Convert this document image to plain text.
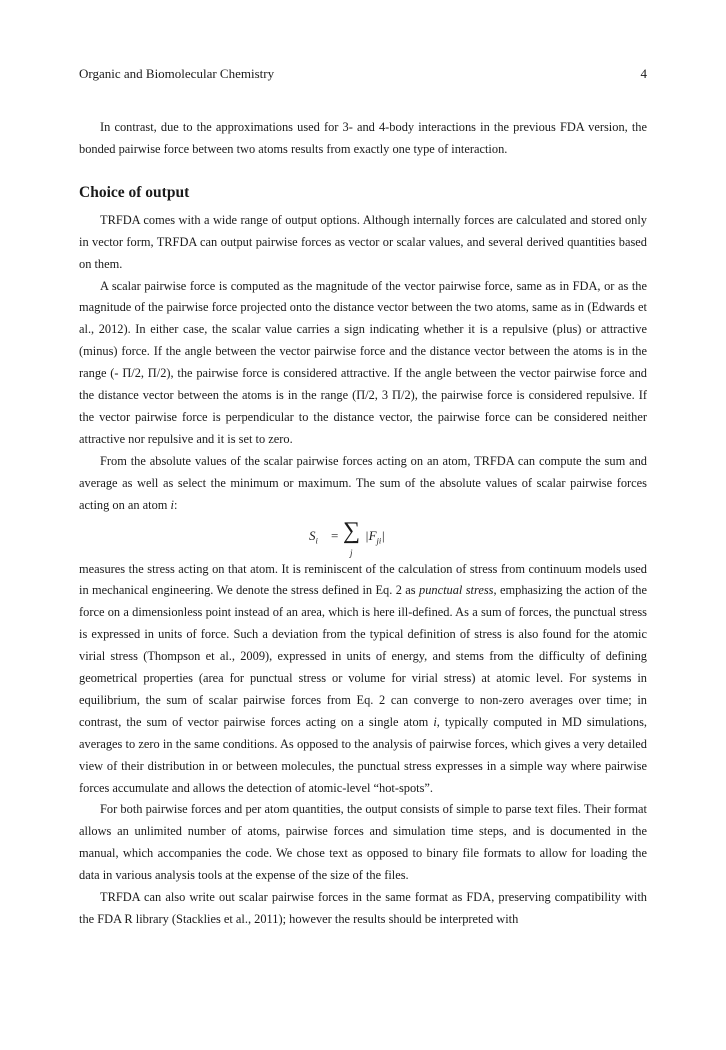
Organic and Biomolecular Chemistry	4

In contrast, due to the approximations used for 3- and 4-body interactions in the previous FDA version, the bonded pairwise force between two atoms results from exactly one type of interaction.

Choice of output

TRFDA comes with a wide range of output options. Although internally forces are calculated and stored only in vector form, TRFDA can output pairwise forces as vector or scalar values, and several derived quantities based on them.

A scalar pairwise force is computed as the magnitude of the vector pairwise force, same as in FDA, or as the magnitude of the pairwise force projected onto the distance vector between the two atoms, same as in (Edwards et al., 2012). In either case, the scalar value carries a sign indicating whether it is a repulsive (plus) or attractive (minus) force. If the angle between the vector pairwise force and the distance vector between the atoms is in the range (- Π/2, Π/2), the pairwise force is considered attractive. If the angle between the vector pairwise force and the distance vector between the atoms is in the range (Π/2, 3 Π/2), the pairwise force is considered repulsive. If the vector pairwise force is perpendicular to the distance vector, the pairwise force can be considered neither attractive nor repulsive and it is set to zero.

From the absolute values of the scalar pairwise forces acting on an atom, TRFDA can compute the sum and average as well as select the minimum or maximum. The sum of the absolute values of scalar pairwise forces acting on an atom i:

$S_i$ = ∑
j
$|F_{ji}|$

measures the stress acting on that atom. It is reminiscent of the calculation of stress from continuum models used in mechanical engineering. We denote the stress defined in Eq. 2 as punctual stress, emphasizing the action of the force on a dimensionless point instead of an area, which is here ill-defined. As a sum of forces, the punctual stress is expressed in units of force. Such a deviation from the typical definition of stress is also found for the atomic virial stress (Thompson et al., 2009), expressed in units of energy, and stems from the difficulty of defining geometrical properties (area for punctual stress or volume for virial stress) at atomic level. For systems in equilibrium, the sum of scalar pairwise forces from Eq. 2 can converge to non-zero averages over time; in contrast, the sum of vector pairwise forces acting on a single atom i, typically computed in MD simulations, averages to zero in the same conditions. As opposed to the analysis of pairwise forces, which gives a very detailed view of their distribution in or between molecules, the punctual stress expresses in a simple way where pairwise forces accumulate and allows the detection of atomic-level “hot-spots”.

For both pairwise forces and per atom quantities, the output consists of simple to parse text files. Their format allows an unlimited number of atoms, pairwise forces and simulation time steps, and is documented in the manual, which accompanies the code. We chose text as opposed to binary file formats to allow for loading the data in various analysis tools at the expense of the size of the files.

TRFDA can also write out scalar pairwise forces in the same format as FDA, preserving compatibility with the FDA R library (Stacklies et al., 2011); however the results should be interpreted with
